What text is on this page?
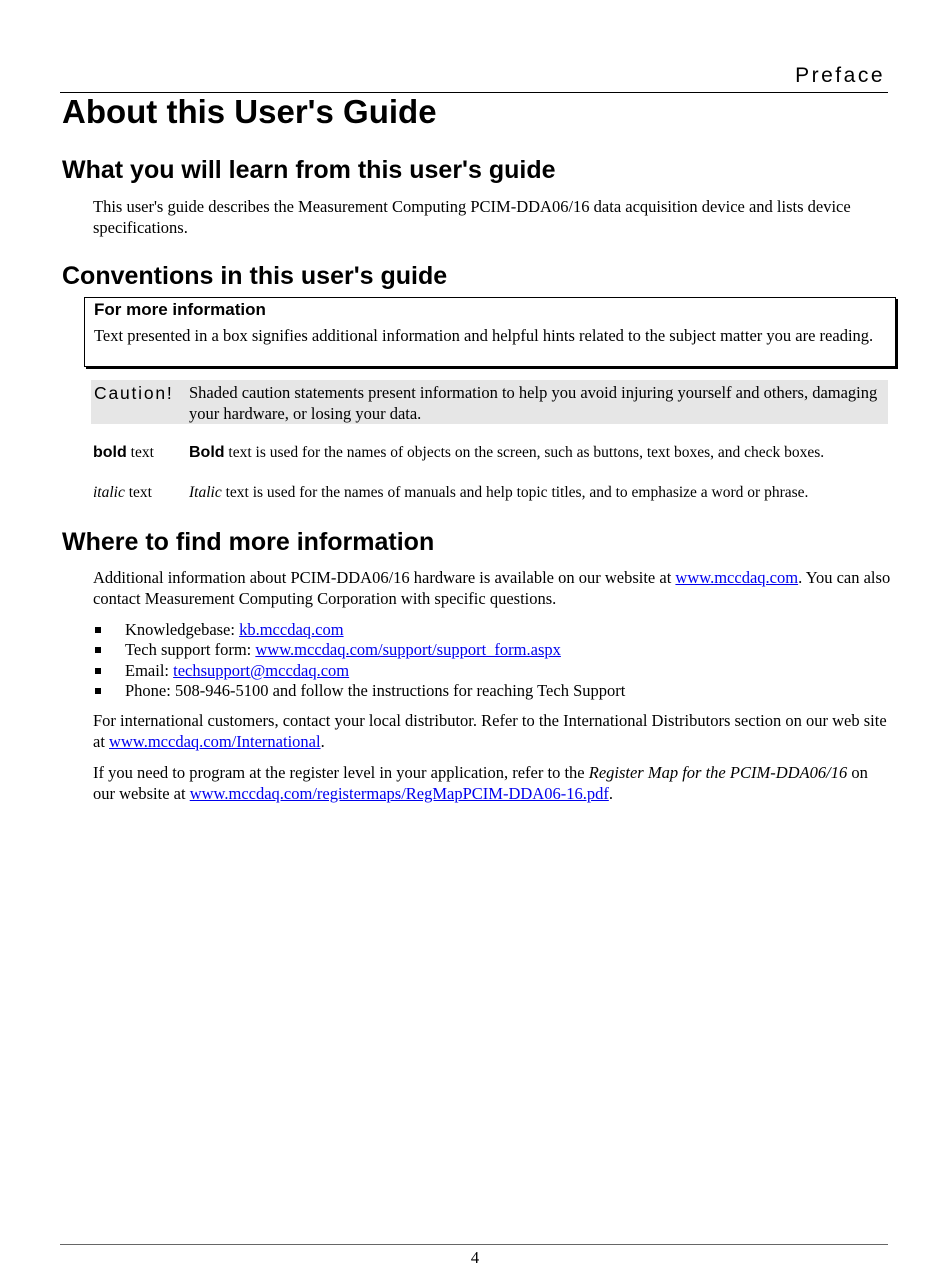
Preface
About this User's Guide
What you will learn from this user's guide

This user's guide describes the Measurement Computing PCIM-DDA06/16 data acquisition device and lists device specifications.

Conventions in this user's guide
For more information
Text presented in a box signifies additional information and helpful hints related to the subject matter you are reading.
Caution! Shaded caution statements present information to help you avoid injuring yourself and others, damaging your hardware, or losing your data.
bold text Bold text is used for the names of objects on the screen, such as buttons, text boxes, and check boxes.
italic text Italic text is used for the names of manuals and help topic titles, and to emphasize a word or phrase.
Where to find more information

Additional information about PCIM-DDA06/16 hardware is available on our website at www.mccdaq.com. You can also contact Measurement Computing Corporation with specific questions.

Knowledgebase: kb.mccdaq.com
Tech support form: www.mccdaq.com/support/support_form.aspx
Email: techsupport@mccdaq.com
Phone: 508-946-5100 and follow the instructions for reaching Tech Support

For international customers, contact your local distributor. Refer to the International Distributors section on our web site at www.mccdaq.com/International.

If you need to program at the register level in your application, refer to the Register Map for the PCIM-DDA06/16 on our website at www.mccdaq.com/registermaps/RegMapPCIM-DDA06-16.pdf.

4
